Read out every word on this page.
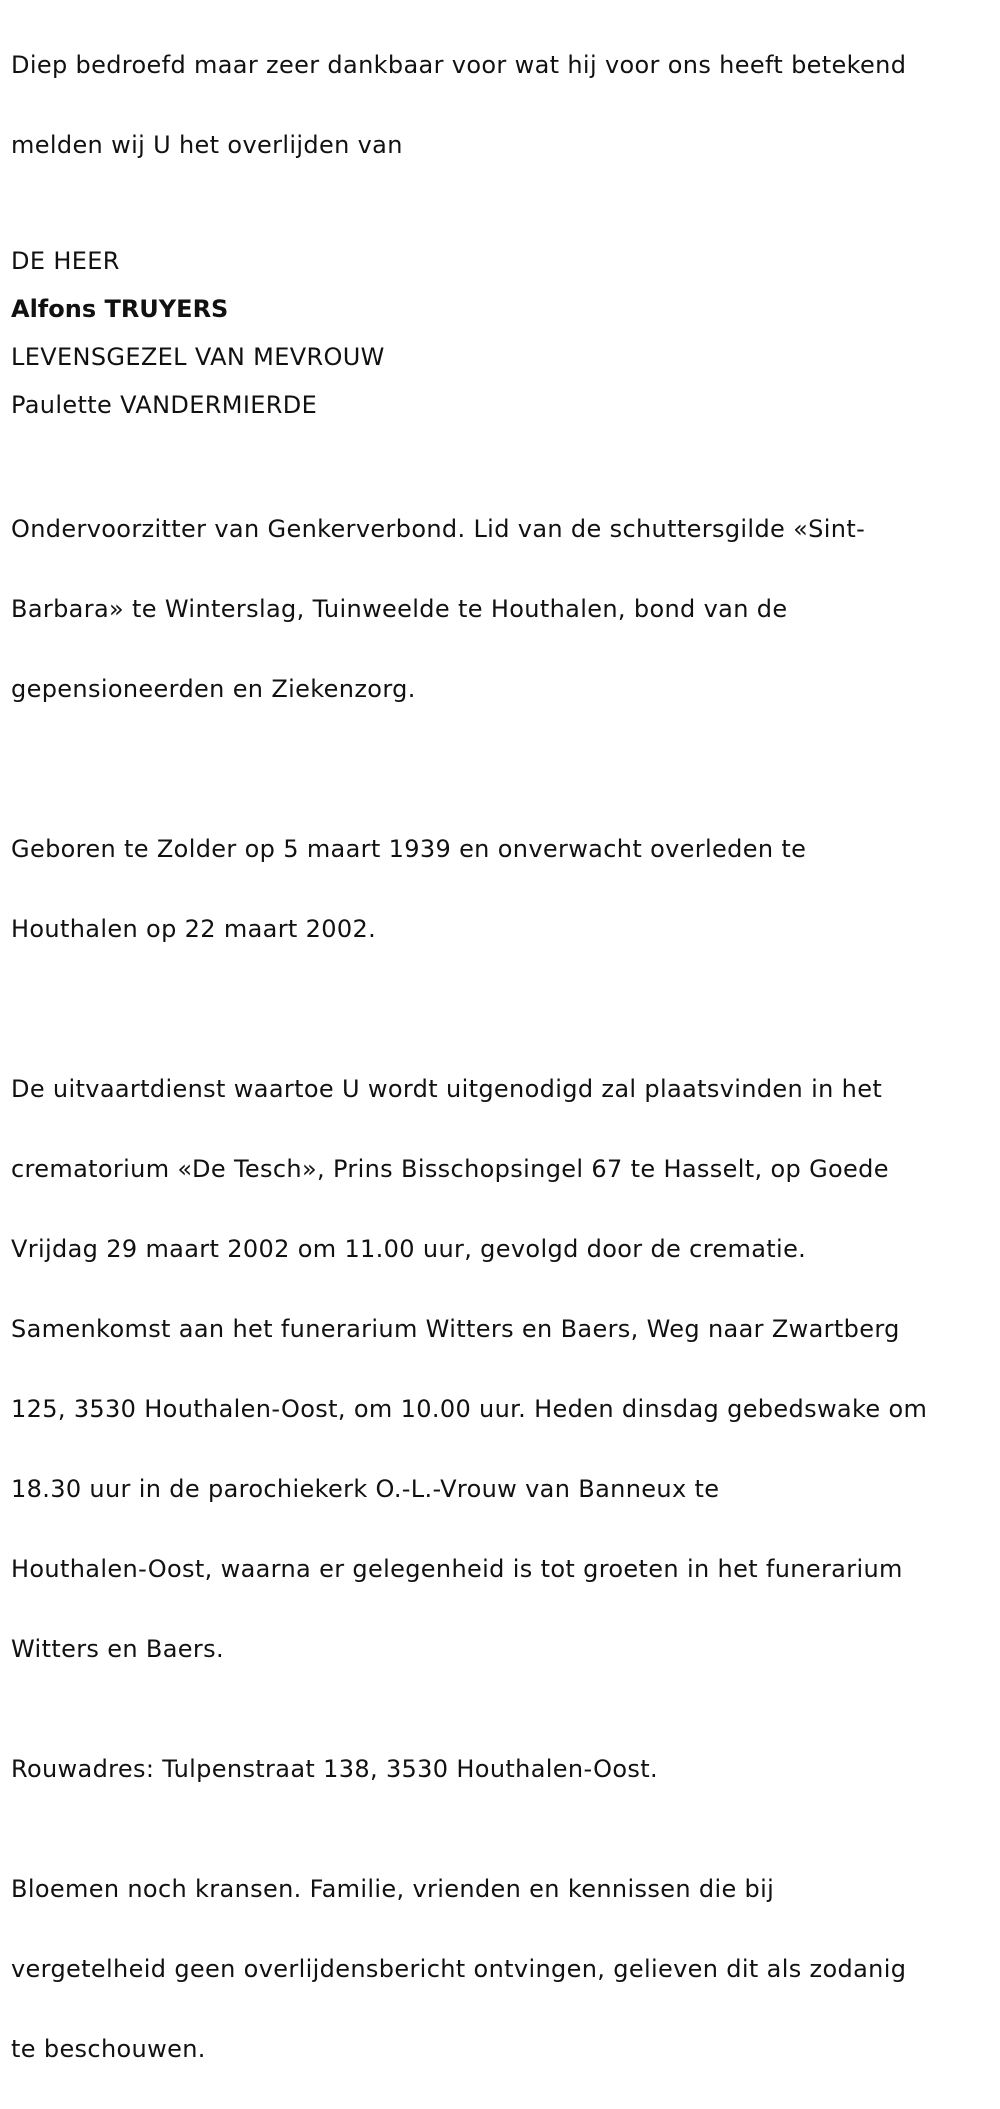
Diep bedroefd maar zeer dankbaar voor wat hij voor ons heeft betekend

melden wij U het overlijden van

DE HEER
Alfons TRUYERS
LEVENSGEZEL VAN MEVROUW
Paulette VANDERMIERDE

Ondervoorzitter van Genkerverbond. Lid van de schuttersgilde «Sint-

Barbara» te Winterslag, Tuinweelde te Houthalen, bond van de

gepensioneerden en Ziekenzorg.

Geboren te Zolder op 5 maart 1939 en onverwacht overleden te

Houthalen op 22 maart 2002.

De uitvaartdienst waartoe U wordt uitgenodigd zal plaatsvinden in het

crematorium «De Tesch», Prins Bisschopsingel 67 te Hasselt, op Goede

Vrijdag 29 maart 2002 om 11.00 uur, gevolgd door de crematie.

Samenkomst aan het funerarium Witters en Baers, Weg naar Zwartberg

125, 3530 Houthalen-Oost, om 10.00 uur. Heden dinsdag gebedswake om

18.30 uur in de parochiekerk O.-L.-Vrouw van Banneux te

Houthalen-Oost, waarna er gelegenheid is tot groeten in het funerarium

Witters en Baers.

Rouwadres: Tulpenstraat 138, 3530 Houthalen-Oost.

Bloemen noch kransen. Familie, vrienden en kennissen die bij

vergetelheid geen overlijdensbericht ontvingen, gelieven dit als zodanig

te beschouwen.
